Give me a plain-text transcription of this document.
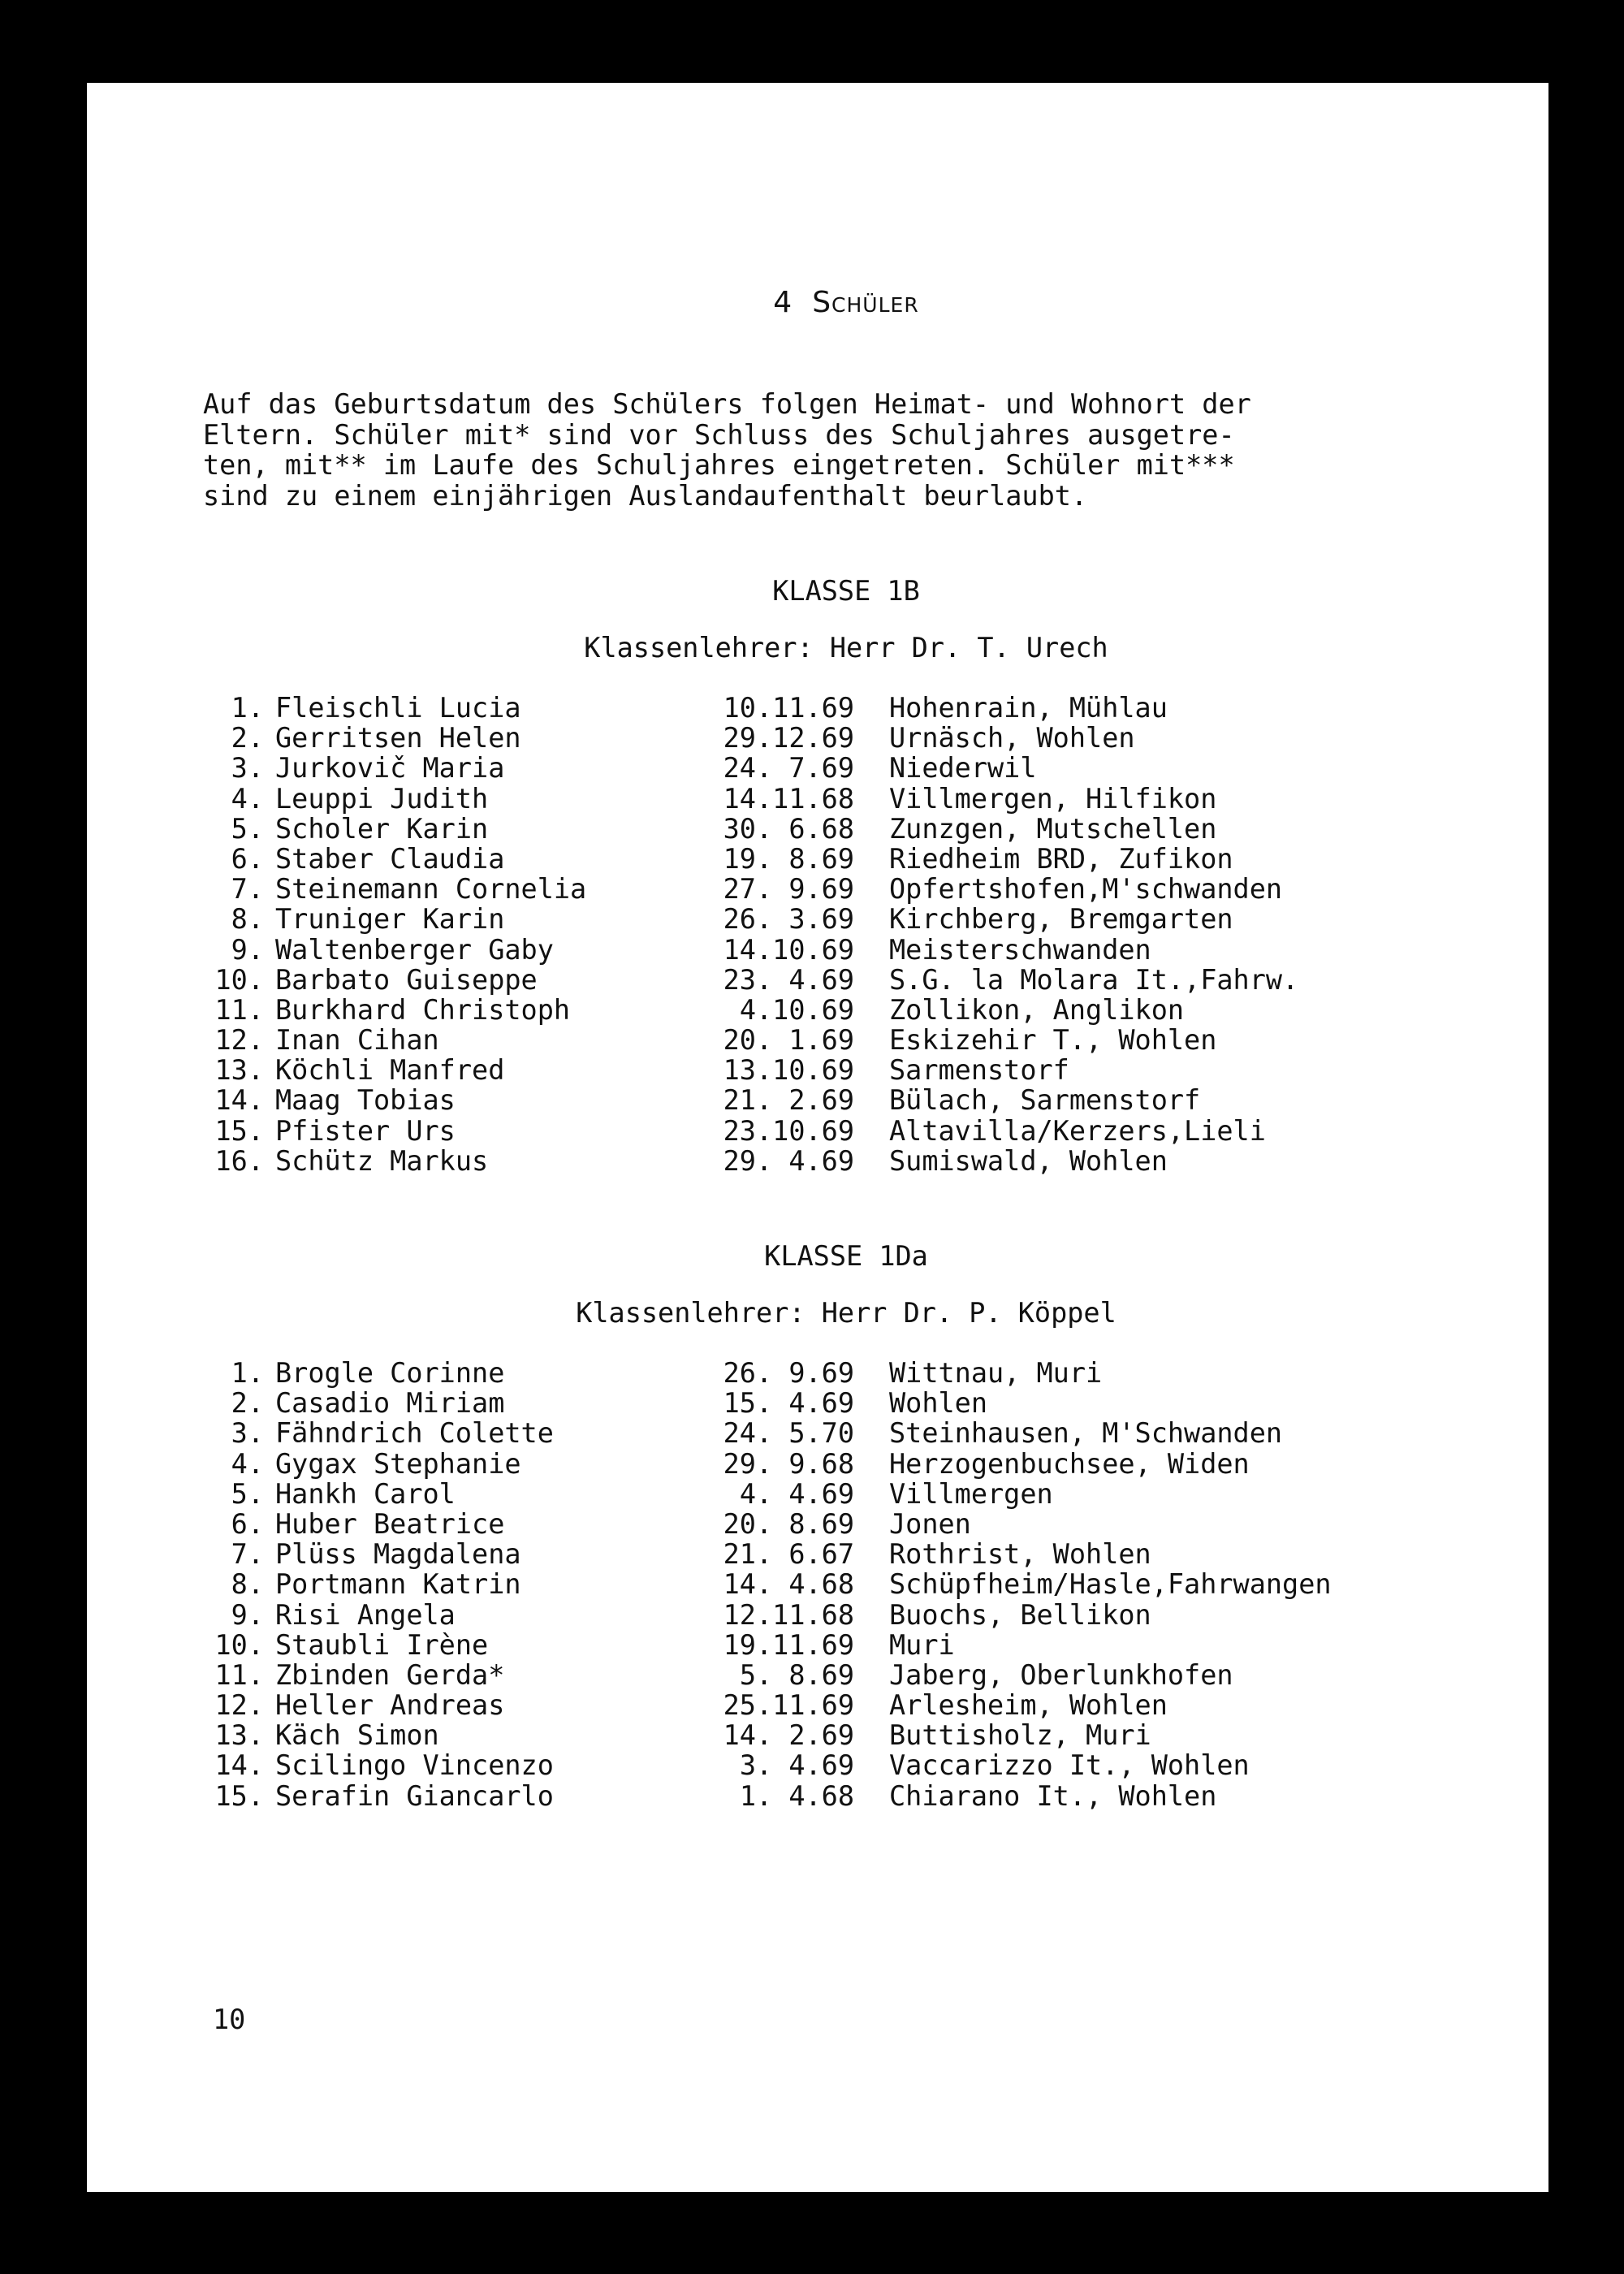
4 Schüler
Auf das Geburtsdatum des Schülers folgen Heimat- und Wohnort der
Eltern. Schüler mit* sind vor Schluss des Schuljahres ausgetre-
ten, mit** im Laufe des Schuljahres eingetreten. Schüler mit***
sind zu einem einjährigen Auslandaufenthalt beurlaubt.
KLASSE 1B
Klassenlehrer: Herr Dr. T. Urech
1. Fleischli Lucia	10.11.69 Hohenrain, Mühlau
2. Gerritsen Helen	29.12.69 Urnäsch, Wohlen
3. Jurkovič Maria	24. 7.69 Niederwil
4. Leuppi Judith	14.11.68 Villmergen, Hilfikon
5. Scholer Karin	30. 6.68 Zunzgen, Mutschellen
6. Staber Claudia	19. 8.69 Riedheim BRD, Zufikon
7. Steinemann Cornelia	27. 9.69 Opfertshofen,M'schwanden
8. Truniger Karin	26. 3.69 Kirchberg, Bremgarten
9. Waltenberger Gaby	14.10.69 Meisterschwanden
10. Barbato Guiseppe	23. 4.69 S.G. la Molara It.,Fahrw.
11. Burkhard Christoph	4.10.69 Zollikon, Anglikon
12. Inan Cihan	20. 1.69 Eskizehir T., Wohlen
13. Köchli Manfred	13.10.69 Sarmenstorf
14. Maag Tobias	21. 2.69 Bülach, Sarmenstorf
15. Pfister Urs	23.10.69 Altavilla/Kerzers,Lieli
16. Schütz Markus	29. 4.69 Sumiswald, Wohlen
KLASSE 1Da
Klassenlehrer: Herr Dr. P. Köppel
1. Brogle Corinne	26. 9.69 Wittnau, Muri
2. Casadio Miriam	15. 4.69 Wohlen
3. Fähndrich Colette	24. 5.70 Steinhausen, M'Schwanden
4. Gygax Stephanie	29. 9.68 Herzogenbuchsee, Widen
5. Hankh Carol	4. 4.69 Villmergen
6. Huber Beatrice	20. 8.69 Jonen
7. Plüss Magdalena	21. 6.67 Rothrist, Wohlen
8. Portmann Katrin	14. 4.68 Schüpfheim/Hasle,Fahrwangen
9. Risi Angela	12.11.68 Buochs, Bellikon
10. Staubli Irène	19.11.69 Muri
11. Zbinden Gerda*	5. 8.69 Jaberg, Oberlunkhofen
12. Heller Andreas	25.11.69 Arlesheim, Wohlen
13. Käch Simon	14. 2.69 Buttisholz, Muri
14. Scilingo Vincenzo	3. 4.69 Vaccarizzo It., Wohlen
15. Serafin Giancarlo	1. 4.68 Chiarano It., Wohlen
10
